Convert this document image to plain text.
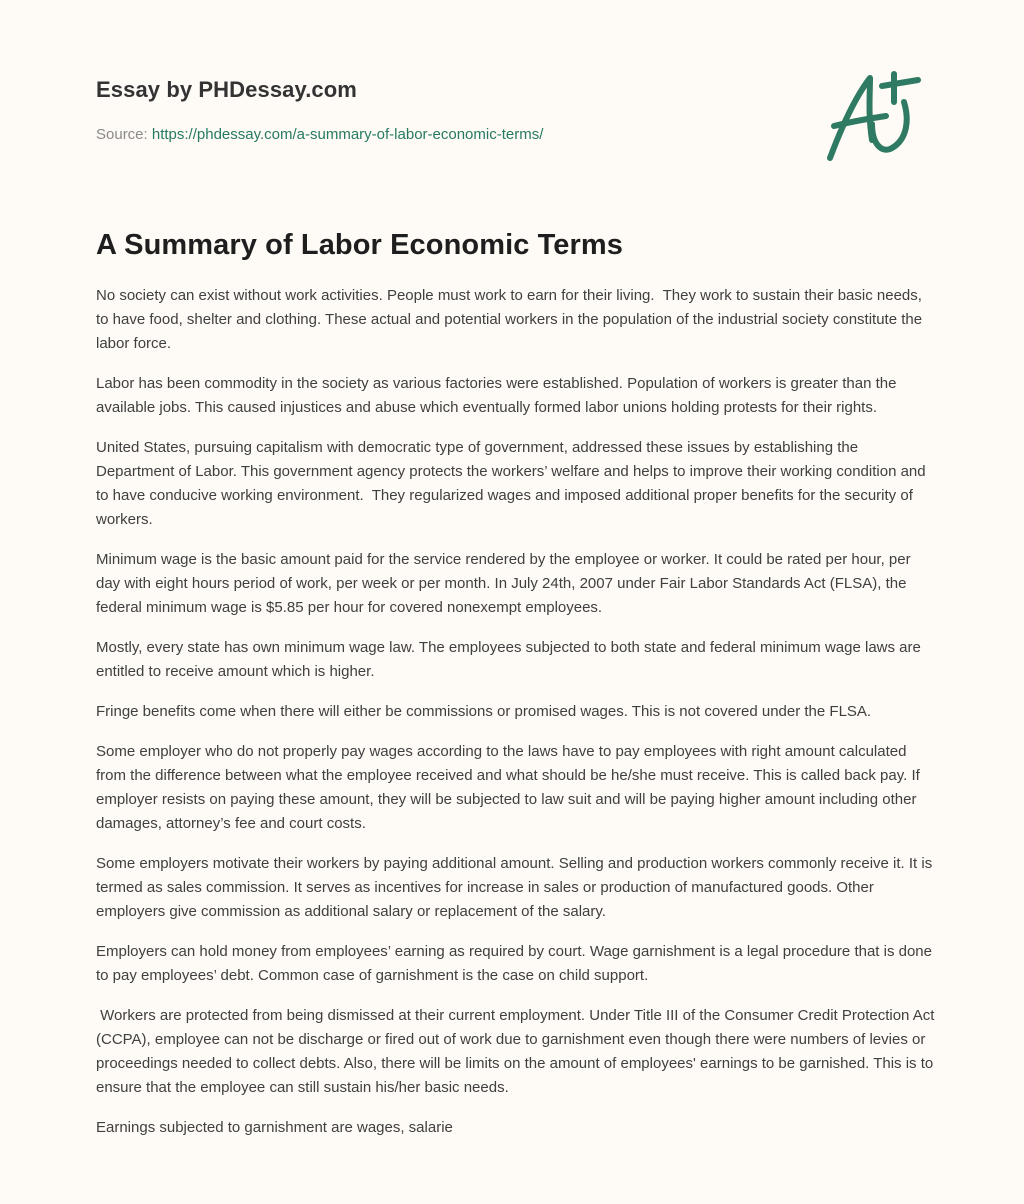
Essay by PHDessay.com
Source: https://phdessay.com/a-summary-of-labor-economic-terms/
A Summary of Labor Economic Terms

No society can exist without work activities. People must work to earn for their living.  They work to sustain their basic needs, to have food, shelter and clothing. These actual and potential workers in the population of the industrial society constitute the labor force.

Labor has been commodity in the society as various factories were established. Population of workers is greater than the available jobs. This caused injustices and abuse which eventually formed labor unions holding protests for their rights.

United States, pursuing capitalism with democratic type of government, addressed these issues by establishing the Department of Labor. This government agency protects the workers’ welfare and helps to improve their working condition and to have conducive working environment.  They regularized wages and imposed additional proper benefits for the security of workers.

Minimum wage is the basic amount paid for the service rendered by the employee or worker. It could be rated per hour, per day with eight hours period of work, per week or per month. In July 24th, 2007 under Fair Labor Standards Act (FLSA), the federal minimum wage is $5.85 per hour for covered nonexempt employees.

Mostly, every state has own minimum wage law. The employees subjected to both state and federal minimum wage laws are entitled to receive amount which is higher.

Fringe benefits come when there will either be commissions or promised wages. This is not covered under the FLSA.

Some employer who do not properly pay wages according to the laws have to pay employees with right amount calculated from the difference between what the employee received and what should be he/she must receive. This is called back pay. If employer resists on paying these amount, they will be subjected to law suit and will be paying higher amount including other damages, attorney’s fee and court costs.

Some employers motivate their workers by paying additional amount. Selling and production workers commonly receive it. It is termed as sales commission. It serves as incentives for increase in sales or production of manufactured goods. Other employers give commission as additional salary or replacement of the salary.

Employers can hold money from employees’ earning as required by court. Wage garnishment is a legal procedure that is done to pay employees’ debt. Common case of garnishment is the case on child support.

Workers are protected from being dismissed at their current employment. Under Title III of the Consumer Credit Protection Act (CCPA), employee can not be discharge or fired out of work due to garnishment even though there were numbers of levies or proceedings needed to collect debts. Also, there will be limits on the amount of employees' earnings to be garnished. This is to ensure that the employee can still sustain his/her basic needs.

Earnings subjected to garnishment are wages, salarie
